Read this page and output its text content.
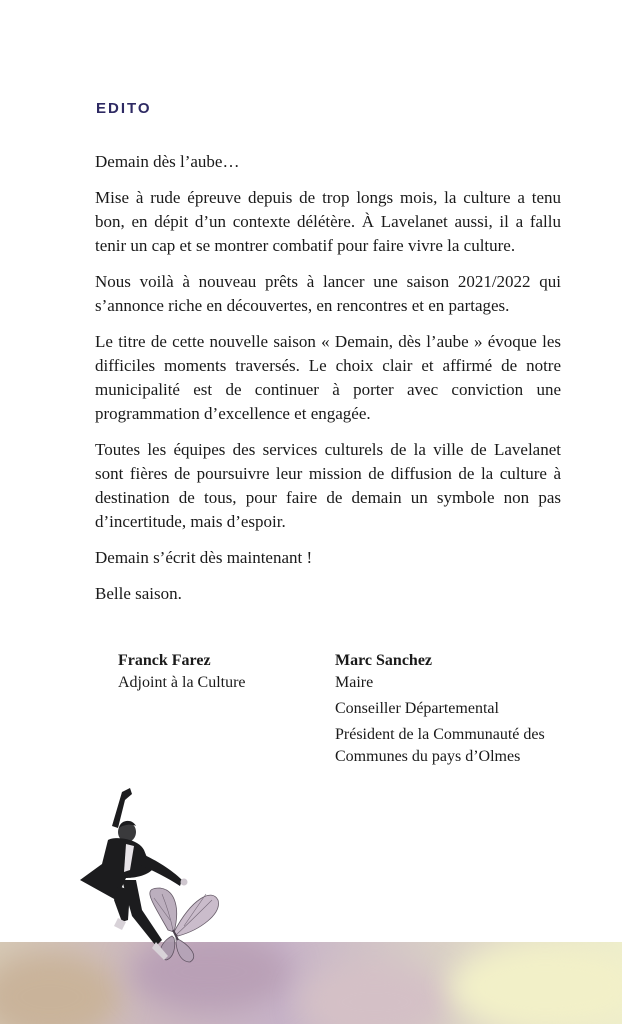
EDITO

Demain dès l’aube…

Mise à rude épreuve depuis de trop longs mois, la culture a tenu bon, en dépit d’un contexte délétère. À Lavelanet aussi, il a fallu tenir un cap et se montrer combatif pour faire vivre la culture.

Nous voilà à nouveau prêts à lancer une saison 2021/2022 qui s’annonce riche en découvertes, en rencontres et en partages.

Le titre de cette nouvelle saison « Demain, dès l’aube » évoque les difficiles moments traversés. Le choix clair et affirmé de notre municipalité est de continuer à porter avec conviction une programmation d’excellence et engagée.

Toutes les équipes des services culturels de la ville de Lavelanet sont fières de poursuivre leur mission de diffusion de la culture à destination de tous, pour faire de demain un symbole non pas d’incertitude, mais d’espoir.

Demain s’écrit dès maintenant !

Belle saison.

Franck Farez
Adjoint à la Culture
Marc Sanchez
Maire
Conseiller Départemental
Président de la Communauté des Communes du pays d’Olmes
